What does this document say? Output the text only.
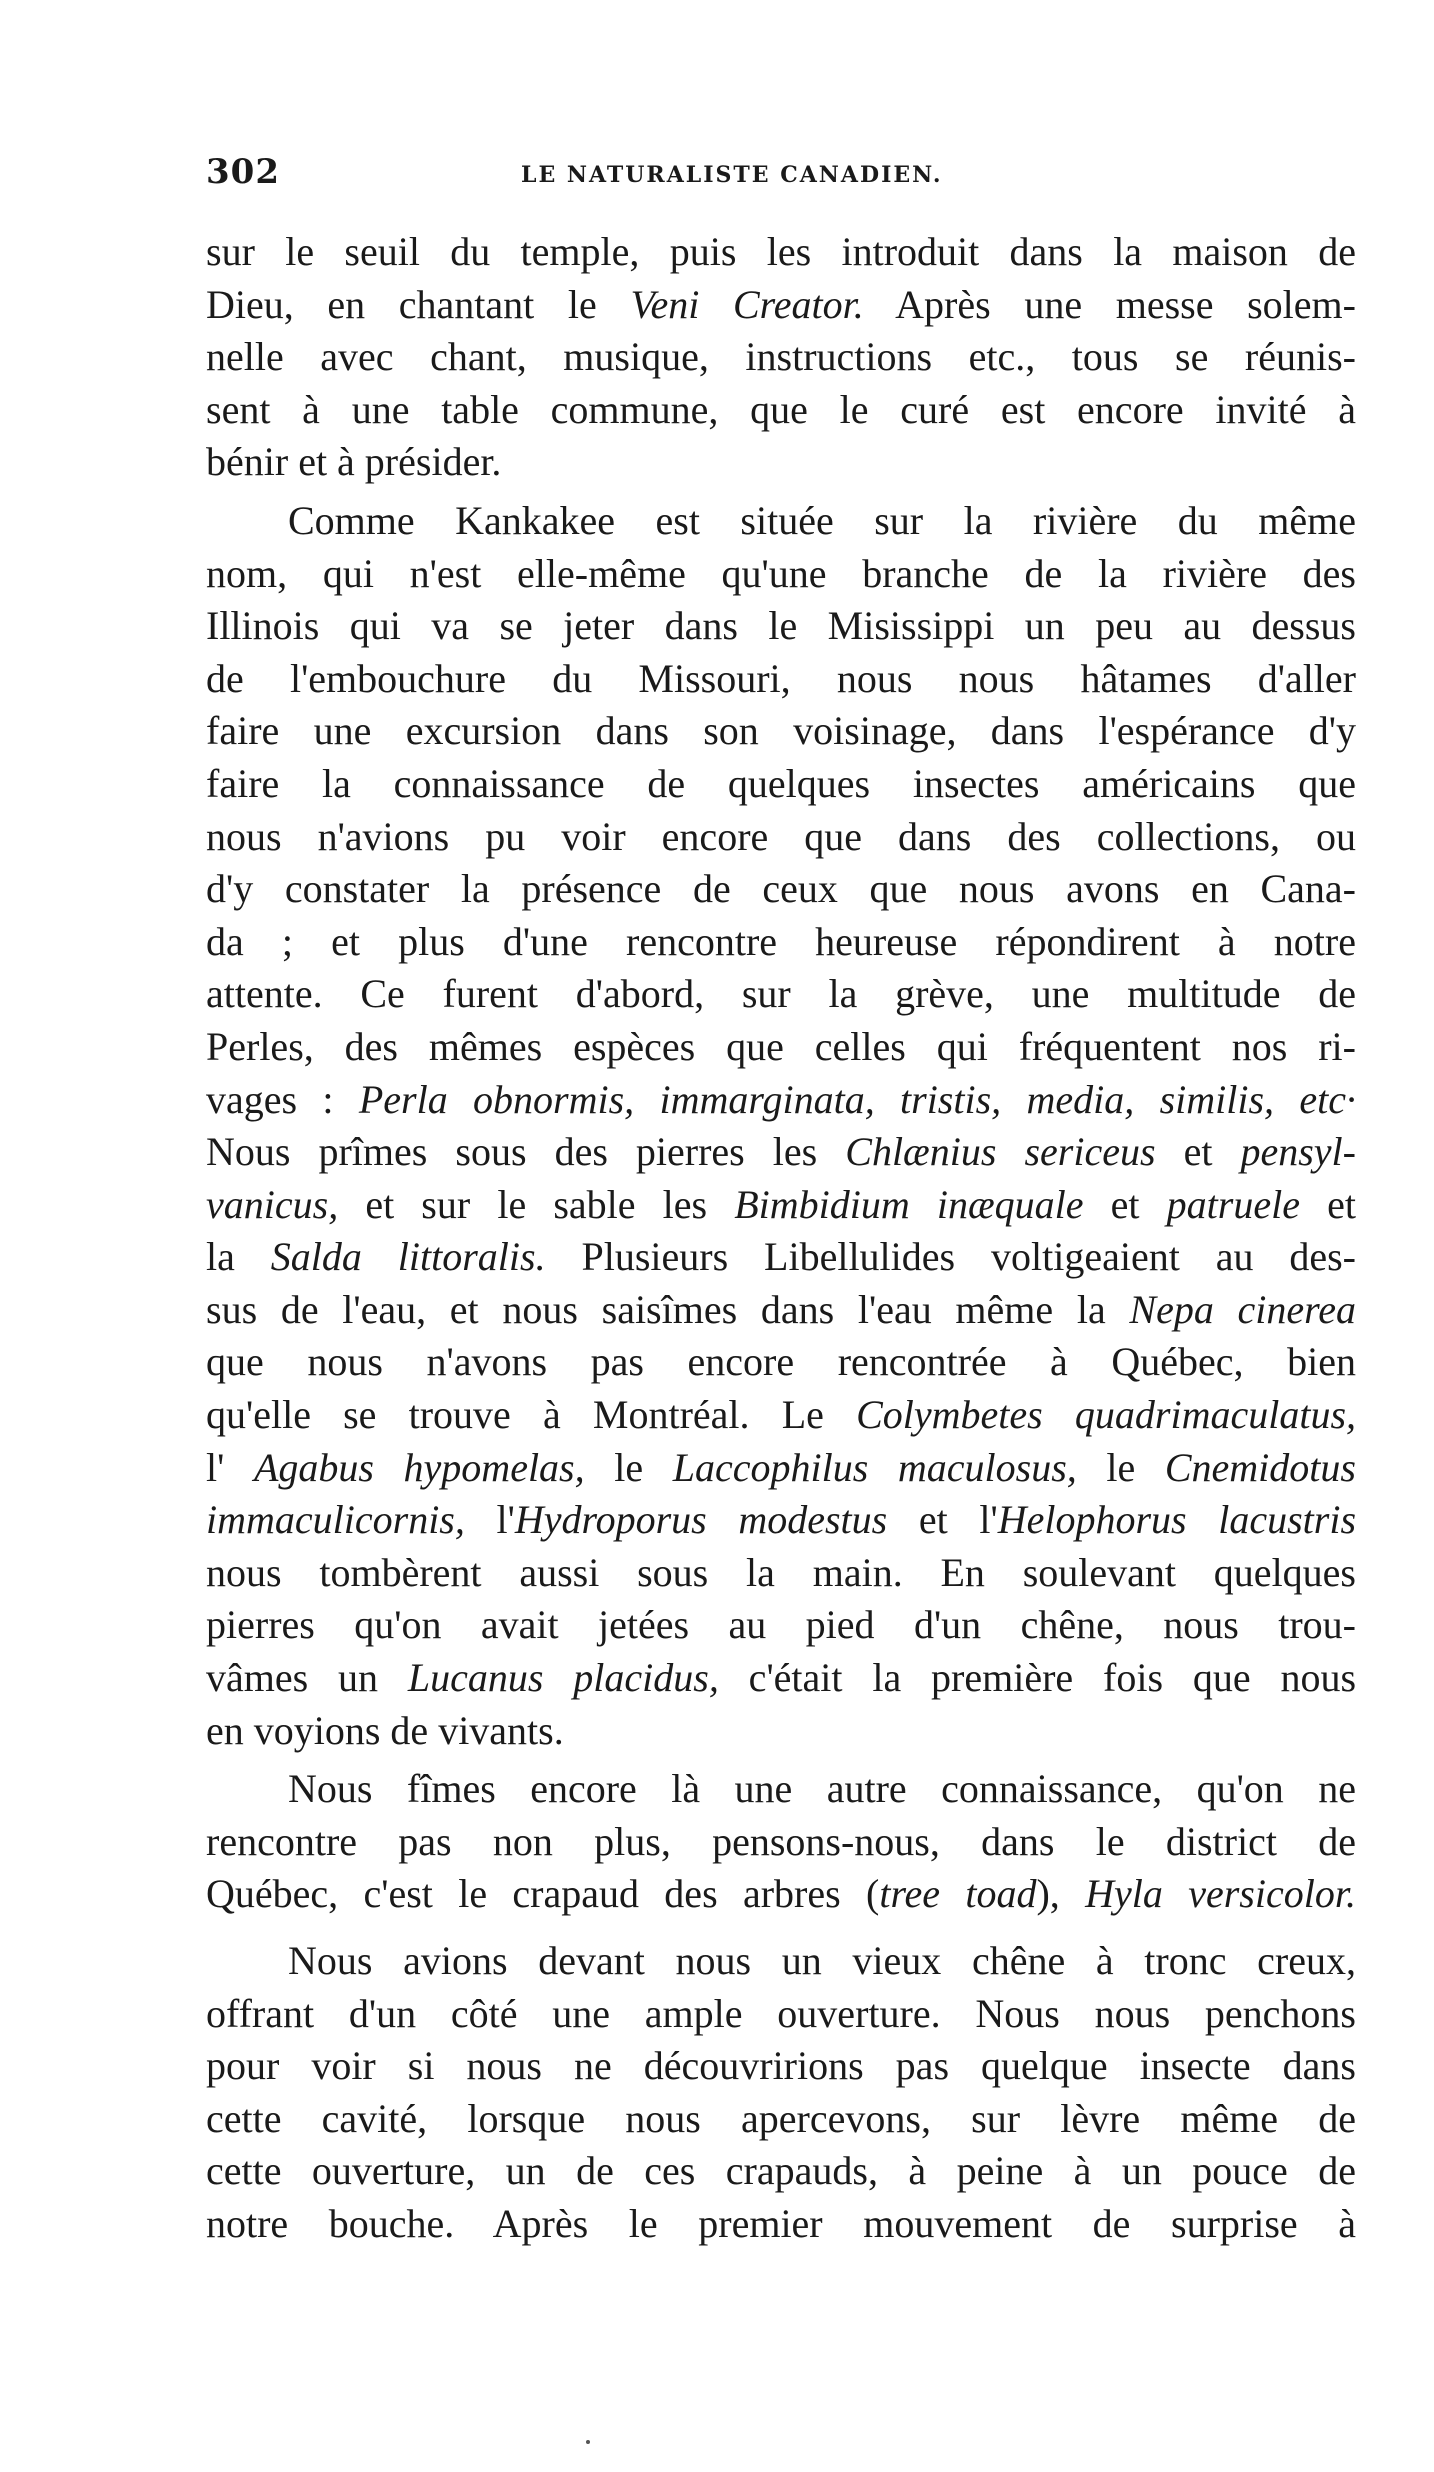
302	LE NATURALISTE CANADIEN.
sur le seuil du temple, puis les introduit dans la maison de
Dieu, en chantant le Veni Creator. Après une messe solem-
nelle avec chant, musique, instructions etc., tous se réunis-
sent à une table commune, que le curé est encore invité à
bénir et à présider.
Comme Kankakee est située sur la rivière du même
nom, qui n'est elle-même qu'une branche de la rivière des
Illinois qui va se jeter dans le Misissippi un peu au dessus
de l'embouchure du Missouri, nous nous hâtames d'aller
faire une excursion dans son voisinage, dans l'espérance d'y
faire la connaissance de quelques insectes américains que
nous n'avions pu voir encore que dans des collections, ou
d'y constater la présence de ceux que nous avons en Cana-
da ; et plus d'une rencontre heureuse répondirent à notre
attente. Ce furent d'abord, sur la grève, une multitude de
Perles, des mêmes espèces que celles qui fréquentent nos ri-
vages : Perla obnormis, immarginata, tristis, media, similis, etc·
Nous prîmes sous des pierres les Chlænius sericeus et pensyl-
vanicus, et sur le sable les Bimbidium inæquale et patruele et
la Salda littoralis. Plusieurs Libellulides voltigeaient au des-
sus de l'eau, et nous saisîmes dans l'eau même la Nepa cinerea
que nous n'avons pas encore rencontrée à Québec, bien
qu'elle se trouve à Montréal. Le Colymbetes quadrimaculatus,
l' Agabus hypomelas, le Laccophilus maculosus, le Cnemidotus
immaculicornis, l'Hydroporus modestus et l'Helophorus lacustris
nous tombèrent aussi sous la main. En soulevant quelques
pierres qu'on avait jetées au pied d'un chêne, nous trou-
vâmes un Lucanus placidus, c'était la première fois que nous
en voyions de vivants.
Nous fîmes encore là une autre connaissance, qu'on ne
rencontre pas non plus, pensons-nous, dans le district de
Québec, c'est le crapaud des arbres (tree toad), Hyla versicolor.
Nous avions devant nous un vieux chêne à tronc creux,
offrant d'un côté une ample ouverture. Nous nous penchons
pour voir si nous ne découvririons pas quelque insecte dans
cette cavité, lorsque nous apercevons, sur lèvre même de
cette ouverture, un de ces crapauds, à peine à un pouce de
notre bouche. Après le premier mouvement de surprise à
